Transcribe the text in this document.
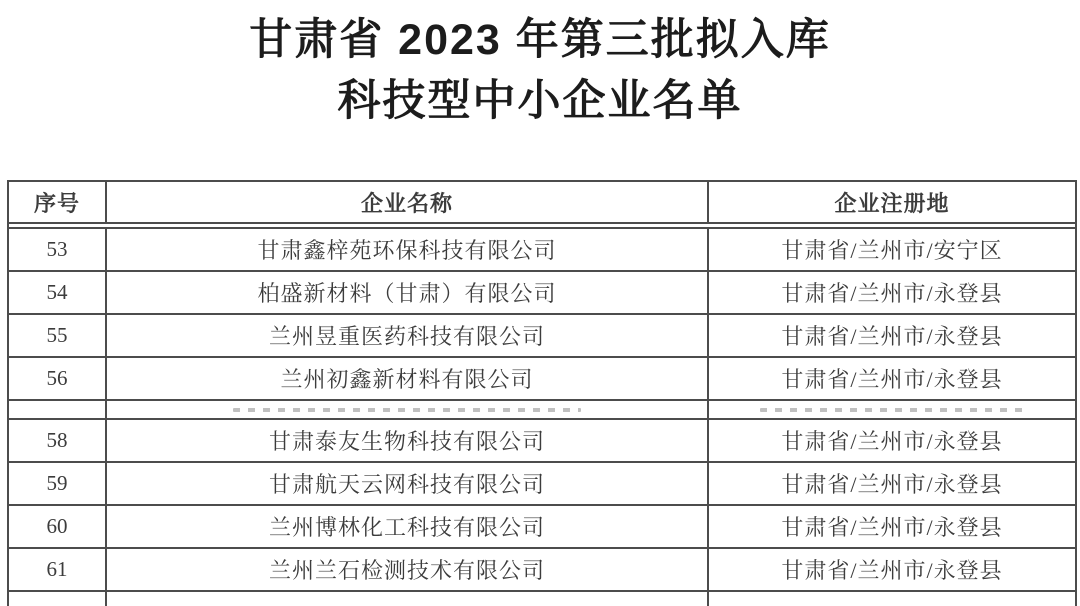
甘肃省 2023 年第三批拟入库
科技型中小企业名单
序号	企业名称	企业注册地
53	甘肃鑫梓苑环保科技有限公司	甘肃省/兰州市/安宁区
54	柏盛新材料（甘肃）有限公司	甘肃省/兰州市/永登县
55	兰州昱重医药科技有限公司	甘肃省/兰州市/永登县
56	兰州初鑫新材料有限公司	甘肃省/兰州市/永登县
58	甘肃泰友生物科技有限公司	甘肃省/兰州市/永登县
59	甘肃航天云网科技有限公司	甘肃省/兰州市/永登县
60	兰州博林化工科技有限公司	甘肃省/兰州市/永登县
61	兰州兰石检测技术有限公司	甘肃省/兰州市/永登县
